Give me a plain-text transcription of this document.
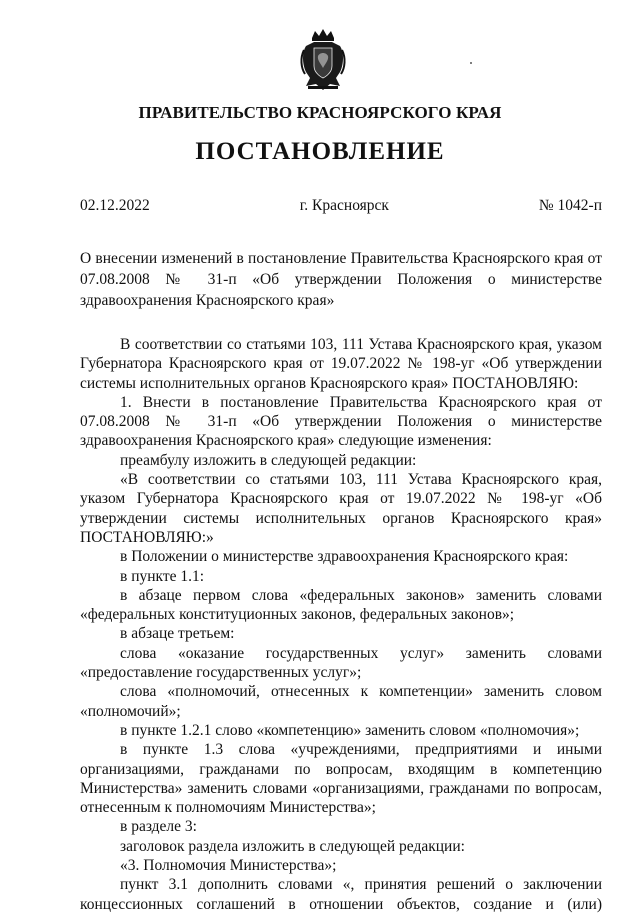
ПРАВИТЕЛЬСТВО КРАСНОЯРСКОГО КРАЯ
ПОСТАНОВЛЕНИЕ
02.12.2022	г. Красноярск	№ 1042-п
О внесении изменений в постановление Правительства Красноярского края от 07.08.2008 № 31-п «Об утверждении Положения о министерстве здравоохранения Красноярского края»

В соответствии со статьями 103, 111 Устава Красноярского края, указом Губернатора Красноярского края от 19.07.2022 № 198-уг «Об утверждении системы исполнительных органов Красноярского края» ПОСТАНОВЛЯЮ:

1. Внести в постановление Правительства Красноярского края от 07.08.2008 № 31-п «Об утверждении Положения о министерстве здравоохранения Красноярского края» следующие изменения:

преамбулу изложить в следующей редакции:

«В соответствии со статьями 103, 111 Устава Красноярского края, указом Губернатора Красноярского края от 19.07.2022 № 198-уг «Об утверждении системы исполнительных органов Красноярского края» ПОСТАНОВЛЯЮ:»

в Положении о министерстве здравоохранения Красноярского края:

в пункте 1.1:

в абзаце первом слова «федеральных законов» заменить словами «федеральных конституционных законов, федеральных законов»;

в абзаце третьем:

слова «оказание государственных услуг» заменить словами «предоставление государственных услуг»;

слова «полномочий, отнесенных к компетенции» заменить словом «полномочий»;

в пункте 1.2.1 слово «компетенцию» заменить словом «полномочия»;

в пункте 1.3 слова «учреждениями, предприятиями и иными организациями, гражданами по вопросам, входящим в компетенцию Министерства» заменить словами «организациями, гражданами по вопросам, отнесенным к полномочиям Министерства»;

в разделе 3:

заголовок раздела изложить в следующей редакции:

«3. Полномочия Министерства»;

пункт 3.1 дополнить словами «, принятия решений о заключении концессионных соглашений в отношении объектов, создание и (или)
